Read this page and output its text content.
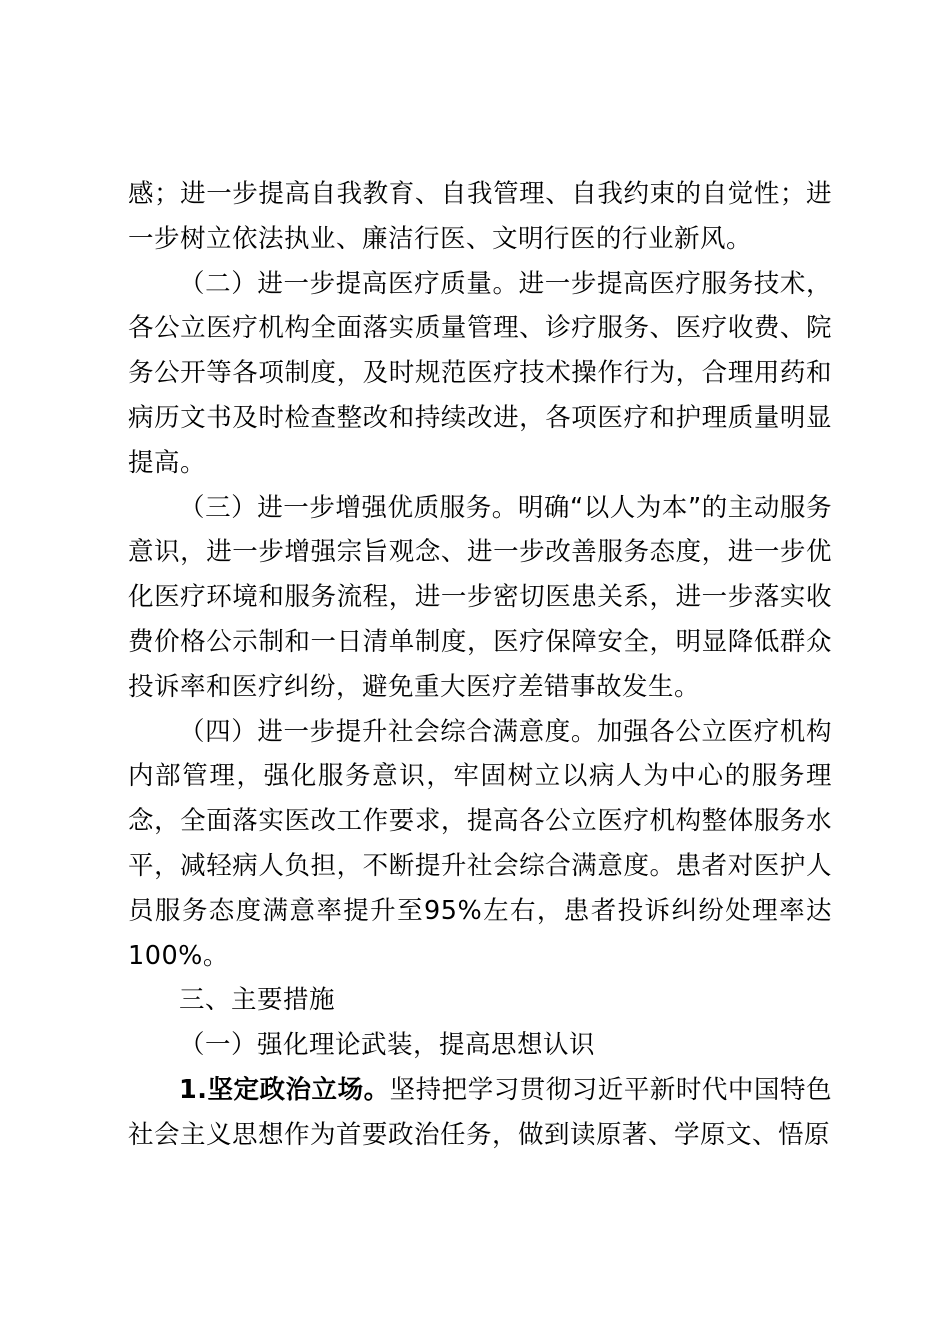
感；进一步提高自我教育、自我管理、自我约束的自觉性；进一步树立依法执业、廉洁行医、文明行医的行业新风。

（二）进一步提高医疗质量。进一步提高医疗服务技术，各公立医疗机构全面落实质量管理、诊疗服务、医疗收费、院务公开等各项制度，及时规范医疗技术操作行为，合理用药和病历文书及时检查整改和持续改进，各项医疗和护理质量明显提高。

（三）进一步增强优质服务。明确“以人为本”的主动服务意识，进一步增强宗旨观念、进一步改善服务态度，进一步优化医疗环境和服务流程，进一步密切医患关系，进一步落实收费价格公示制和一日清单制度，医疗保障安全，明显降低群众投诉率和医疗纠纷，避免重大医疗差错事故发生。

（四）进一步提升社会综合满意度。加强各公立医疗机构内部管理，强化服务意识，牢固树立以病人为中心的服务理念，全面落实医改工作要求，提高各公立医疗机构整体服务水平，减轻病人负担，不断提升社会综合满意度。患者对医护人员服务态度满意率提升至95%左右，患者投诉纠纷处理率达100%。

三、主要措施

（一）强化理论武装，提高思想认识

1.坚定政治立场。坚持把学习贯彻习近平新时代中国特色社会主义思想作为首要政治任务，做到读原著、学原文、悟原
